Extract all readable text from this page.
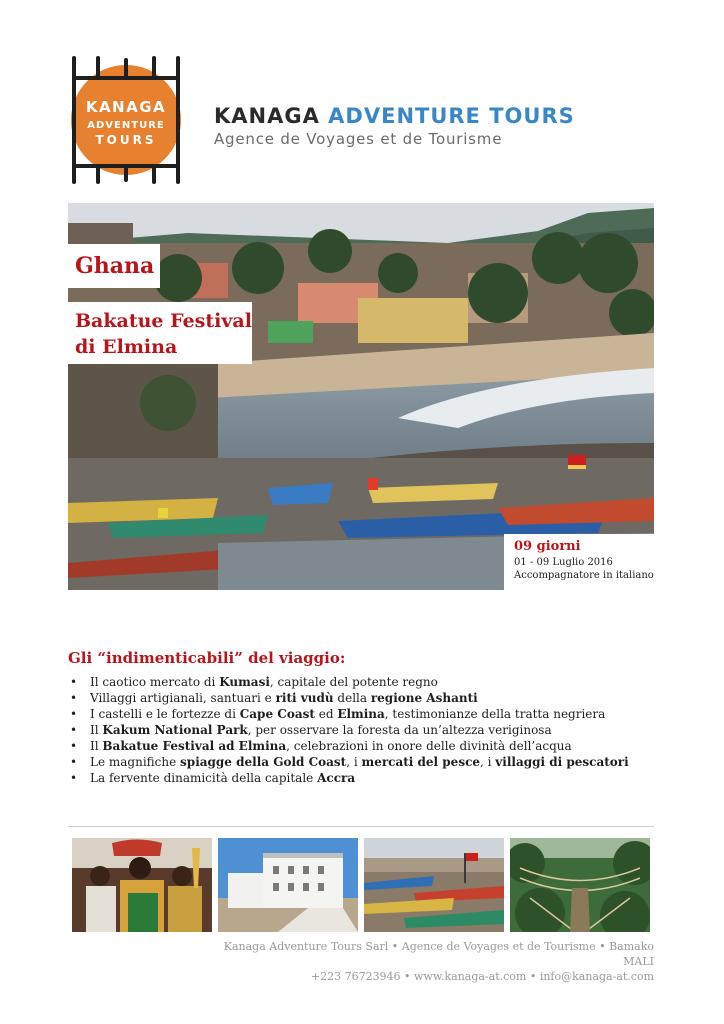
KANAGA
ADVENTURE
TOURS
KANAGA ADVENTURE TOURS
Agence de Voyages et de Tourisme
Ghana
Bakatue Festival
di Elmina
09 giorni
01 - 09 Luglio 2016
Accompagnatore in italiano
Gli “indimenticabili” del viaggio:
• Il caotico mercato di Kumasi, capitale del potente regno
• Villaggi artigianali, santuari e riti vudù della regione Ashanti
• I castelli e le fortezze di Cape Coast ed Elmina, testimonianze della tratta negriera
• Il Kakum National Park, per osservare la foresta da un’altezza veriginosa
• Il Bakatue Festival ad Elmina, celebrazioni in onore delle divinità dell’acqua
• Le magnifiche spiagge della Gold Coast, i mercati del pesce, i villaggi di pescatori
• La fervente dinamicità della capitale Accra
Kanaga Adventure Tours Sarl • Agence de Voyages et de Tourisme • Bamako MALI
+223 76723946 • www.kanaga-at.com • info@kanaga-at.com
